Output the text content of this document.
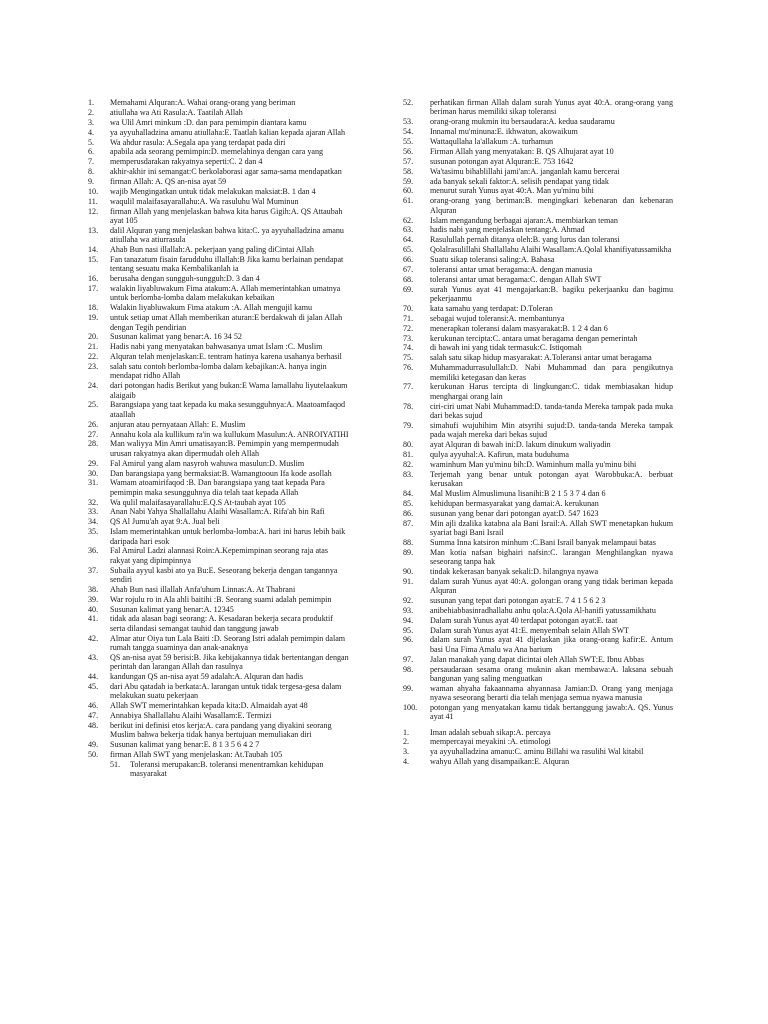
1.	Memahami Alquran:A. Wahai orang-orang yang beriman
2.	atiullaha wa Ati Rasula:A. Taatilah Allah
3.	wa Ulil Amri minkum :D. dan para pemimpin diantara kamu
4.	ya ayyuhalladzina amanu atiullaha:E. Taatlah kalian kepada ajaran Allah
5.	Wa ahdur rasula: A.Segala apa yang terdapat pada diri
6.	apabila ada seorang pemimpin:D. memelahinya dengan cara yang
7.	memperusdarakan rakyatnya seperti:C. 2 dan 4
8.	akhir-akhir ini semangat:C berkolaborasi agar sama-sama mendapatkan
9.	firman Allah: A. QS an-nisa ayat 59
10.	wajib Mengingatkan untuk tidak melakukan maksiat:B. 1 dan 4
11.	waqulil malaifasayarallahu:A. Wa rasuluhu Wal Muminun
12.	firman Allah yang menjelaskan bahwa kita harus Gigih:A. QS Attaubah ayat 105
13.	dalil Alquran yang menjelaskan bahwa kita:C. ya ayyuhalladzina amanu atiullaha wa atiurrasula
14.	Ahab Bun nasi illallah:A. pekerjaan yang paling diCintai Allah
15.	Fan tanazatum fisain farudduhu illallah:B Jika kamu berlainan pendapat tentang sesuatu maka Kembalikanlah ia
16.	berusaha dengan sungguh-sungguh:D. 3 dan 4
17.	walakin liyabluwakum Fima atakum:A. Allah memerintahkan umatnya untuk berlomba-lomba dalam melakukan kebaikan
18.	Walakin liyabluwakum Fima atakum :A. Allah mengujil kamu
19.	untuk setiap umat Allah memberikan aturan:E berdakwah di jalan Allah dengan Tegih pendirian
20.	Susunan kalimat yang benar:A. 16 34 52
21.	Hadis nabi yang menyatakan bahwasanya umat Islam :C. Muslim
22.	Alquran telah menjelaskan:E. tentram hatinya karena usahanya berhasil
23.	salah satu contoh berlomba-lomba dalam kebajikan:A. hanya ingin mendapat ridho Allah
24.	dari potongan hadis Berikut yang bukan:E Wama lamallahu liyutelaakum alaigaib
25.	Barangsiapa yang taat kepada ku maka sesungguhnya:A. Maatoamfaqod ataallah
26.	anjuran atau pernyataan Allah: E. Muslim
27.	Annahu kola ala kullikum ra'in wa kullukum Masulun:A. ANROIYATIHI
28.	Man waliyya Min Amri umatisayan:B. Pemimpin yang mempermudah urusan rakyatnya akan dipermudah oleh Allah
29.	Fal Amirul yang alam nasyroh wahuwa masulun:D. Muslim
30.	Dan barangsiapa yang bermaksiat:B. Wamangtooun Ifa kode asollah
31.	Wamam atoamirifaqod :B. Dan barangsiapa yang taat kepada Para pemimpin maka sesungguhnya dia telah taat kepada Allah
32.	Wa qulil malaifasayarallahu:E.Q.S At-taubah ayat 105
33.	Anan Nabi Yahya Shallallahu Alaihi Wasallam:A. Rifa'ah bin Rafi
34.	QS Al Jumu'ah ayat 9:A. Jual beli
35.	Islam memerintahkan untuk berlomba-lomba:A. hari ini harus lebih baik daripada hari esok
36.	Fal Amirul Ladzi alannasi Roin:A.Kepemimpinan seorang raja atas rakyat yang dipimpinnya
37.	Subaila ayyul kasbi ato ya Bu:E. Seseorang bekerja dengan tangannya sendiri
38.	Ahab Bun nasi illallah Anfa'uhum Linnas:A. At Thabrani
39.	War rojulu ro in Ala ahli baitihi :B. Seorang suami adalah pemimpin
40.	Susunan kalimat yang benar:A. 12345
41.	tidak ada alasan bagi seorang: A. Kesadaran bekerja secara produktif serta dilandasi semangat tauhid dan tanggung jawab
42.	Almar atur Oiya tun Lala Baiti :D. Seorang Istri adalah pemimpin dalam rumah tangga suaminya dan anak-anaknya
43.	QS an-nisa ayat 59 berisi:B. Jika kebijakannya tidak bertentangan dengan perintah dan larangan Allah dan rasulnya
44.	kandungan QS an-nisa ayat 59 adalah:A. Alquran dan hadis
45.	dari Abu qatadah ia berkata:A. larangan untuk tidak tergesa-gesa dalam melakukan suatu pekerjaan
46.	Allah SWT memerintahkan kepada kita:D. Almaidah ayat 48
47.	Annabiya Shallallahu Alaihi Wasallam:E. Termizi
48.	berikut ini definisi etos kerja:A. cara pandang yang diyakini seorang Muslim bahwa bekerja tidak hanya bertujuan memuliakan diri
49.	Susunan kalimat yang benar:E. 8 1 3 5 6 4 2 7
50.	firman Allah SWT yang menjelaskan: At.Taubah 105
51.	Toleransi merupakan:B. toleransi menentramkan kehidupan masyarakat
52.	perhatikan firman Allah dalam surah Yunus ayat 40:A. orang-orang yang beriman harus memiliki sikap toleransi
53.	orang-orang mukmin itu bersaudara:A. kedua saudaramu
54.	Innamal mu'minuna:E. ikhwatun, akowaikum
55.	Wattaqullaha la'allakum :A. turhamun
56.	Firman Allah yang menyatakan: B. QS Alhujarat ayat 10
57.	susunan potongan ayat Alquran:E. 753 1642
58.	Wa'tasimu bihablillahi jami'an:A. janganlah kamu bercerai
59.	ada banyak sekali faktor:A. selisih pendapat yang tidak
60.	menurut surah Yunus ayat 40:A. Man yu'minu bihi
61.	orang-orang yang beriman:B. mengingkari kebenaran dan kebenaran Alquran
62.	Islam mengandung berbagai ajaran:A. membiarkan teman
63.	hadis nabi yang menjelaskan tentang:A. Ahmad
64.	Rasulullah pernah ditanya oleh:B. yang lurus dan toleransi
65.	Qolalrasulillahi Shallallahu Alaihi Wasallam:A.Qolal khanifiyatussamikha
66.	Suatu sikap toleransi saling:A. Bahasa
67.	toleransi antar umat beragama:A. dengan manusia
68.	toleransi antar umat beragama:C. dengan Allah SWT
69.	surah Yunus ayat 41 mengajarkan:B. bagiku pekerjaanku dan bagimu pekerjaanmu
70.	kata samahu yang terdapat: D.Toleran
71.	sebagai wujud toleransi:A. membantunya
72.	menerapkan toleransi dalam masyarakat:B. 1 2 4 dan 6
73.	kerukunan tercipta:C. antara umat beragama dengan pemerintah
74.	di bawah ini yang tidak termasuk:C. Istiqomah
75.	salah satu sikap hidup masyarakat: A.Toleransi antar umat beragama
76.	Muhammadurrasulullah:D. Nabi Muhammad dan para pengikutnya memiliki ketegasan dan keras
77.	kerukunan Harus tercipta di lingkungan:C. tidak membiasakan hidup menghargai orang lain
78.	ciri-ciri umat Nabi Muhammad:D. tanda-tanda Mereka tampak pada muka dari bekas sujud
79.	simahufi wujuhihim Min atsyrihi sujud:D. tanda-tanda Mereka tampak pada wajah mereka dari bekas sujud
80.	ayat Alquran di bawah ini:D. lakum dinukum waliyadin
81.	qulya ayyuhal:A. Kafirun, mata buduhuma
82.	waminhum Man yu'minu bih:D. Waminhum malla yu'minu bihi
83.	Terjemah yang benar untuk potongan ayat Warobbuka:A. berbuat kerusakan
84.	Mal Muslim Almuslimuna lisanihi:B 2 1 5 3 7 4 dan 6
85.	kehidupan bermasyarakat yang damai:A. kerukunan
86.	susunan yang benar dari potongan ayat:D. 547 1623
87.	Min ajli dzalika katabna ala Bani Israil:A. Allah SWT menetapkan hukum syariat bagi Bani Israil
88.	Summa Inna katsiron minhum :C.Bani Israil banyak melampaui batas
89.	Man kotia nafsan bighairi nafsin:C. larangan Menghilangkan nyawa seseorang tanpa hak
90.	tindak kekerasan banyak sekali:D. hilangnya nyawa
91.	dalam surah Yunus ayat 40:A. golongan orang yang tidak beriman kepada Alquran
92.	susunan yang tepat dari potongan ayat:E. 7 4 1 5 6 2 3
93.	anibehiabbasinradhallahu anhu qola:A.Qola Al-hanifi yatussamikhatu
94.	Dalam surah Yunus ayat 40 terdapat potongan ayat:E. taat
95.	Dalam surah Yunus ayat 41:E. menyembah selain Allah SWT
96.	dalam surah Yunus ayat 41 dijelaskan jika orang-orang kafir:E. Antum basi Una Fima Amalu wa Ana barium
97.	Jalan manakah yang dapat dicintai oleh Allah SWT:E. Ibnu Abbas
98.	persaudaraan sesama orang muknin akan membawa:A. laksana sebuah bangunan yang saling menguatkan
99.	waman ahyaha fakaannama ahyannasa Jamian:D. Orang yang menjaga nyawa seseorang berarti dia telah menjaga semua nyawa manusia
100.	potongan yang menyatakan kamu tidak bertanggung jawab:A. QS. Yunus ayat 41
1.	Iman adalah sebuah sikap:A. percaya
2.	mempercayai meyakini :A. etimologi
3.	ya ayyuhalladzina amanu:C. aminu Billahi wa rasulihi Wal kitabil
4.	wahyu Allah yang disampaikan:E. Alquran
